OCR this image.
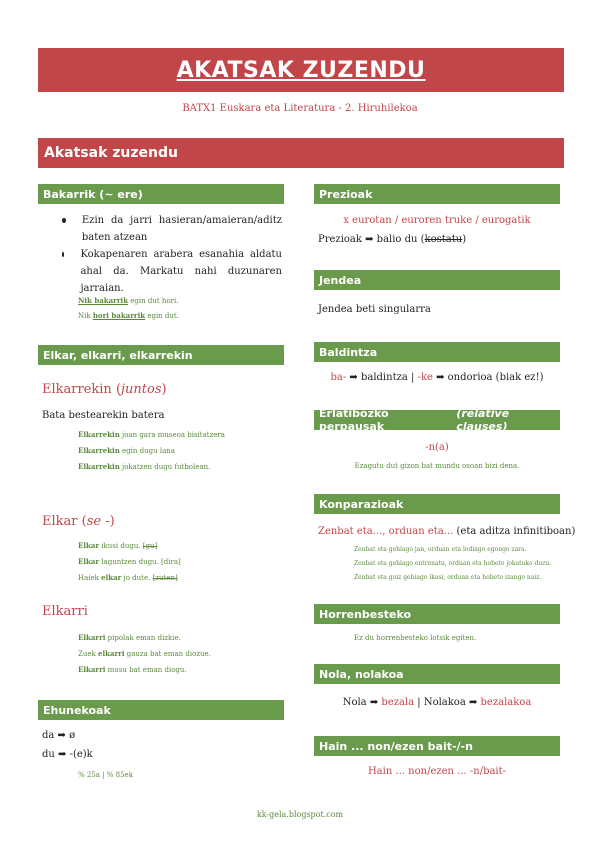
AKATSAK ZUZENDU
BATX1 Euskara eta Literatura - 2. Hiruhilekoa
Akatsak zuzendu
Bakarrik (~ ere)
Ezin da jarri hasieran/amaieran/aditz baten atzean
Kokapenaren arabera esanahia aldatu ahal da. Markatu nahi duzunaren jarraian.
Nik bakarrik egin dut hori.
Nik hori bakarrik egin dut.
Elkar, elkarri, elkarrekin
Elkarrekin (juntos)
Bata bestearekin batera
Elkarrekin joan gara museoa bisitatzera
Elkarrekin egin dugu lana
Elkarrekin jokatzen dugu futbolean.
Elkar (se -)
Elkar ikusi dugu. [gu]
Elkar laguntzen dugu. [dira]
Haiek elkar jo dute. [zuten]
Elkarri
Elkarri pipolak eman dizkie.
Zuek elkarri gauza bat eman diozue.
Elkarri musu bat eman diogu.
Ehunekoak
da ➡ ø
du ➡ -(e)k
% 25a | % 85ek
Prezioak
x eurotan / euroren truke / eurogatik
Prezioak ➡ balio du (kostatu)
Jendea
Jendea beti singularra
Baldintza
ba- ➡ baldintza | -ke ➡ ondorioa (biak ez!)
Erlatibozko perpausak
(relative clauses)
-n(a)
Ezagutu dut gizon bat mundu osoan bizi dena.
Konparazioak
Zenbat eta..., orduan eta... (eta aditza infinitiboan)
Zenbat eta gehiago jan, orduan eta lodiago egongo zara.
Zenbat eta gehiago entrenatu, orduan eta hobeto jokatuko duzu.
Zenbat eta goiz gehiago ikasi, orduan eta hobeto izango naiz.
Horrenbesteko
Ez du horrenbesteko lotsik egiten.
Nola, nolakoa
Nola ➡ bezala | Nolakoa ➡ bezalakoa
Hain ... non/ezen bait-/-n
Hain ... non/ezen ... -n/bait-
kk-gela.blogspot.com
